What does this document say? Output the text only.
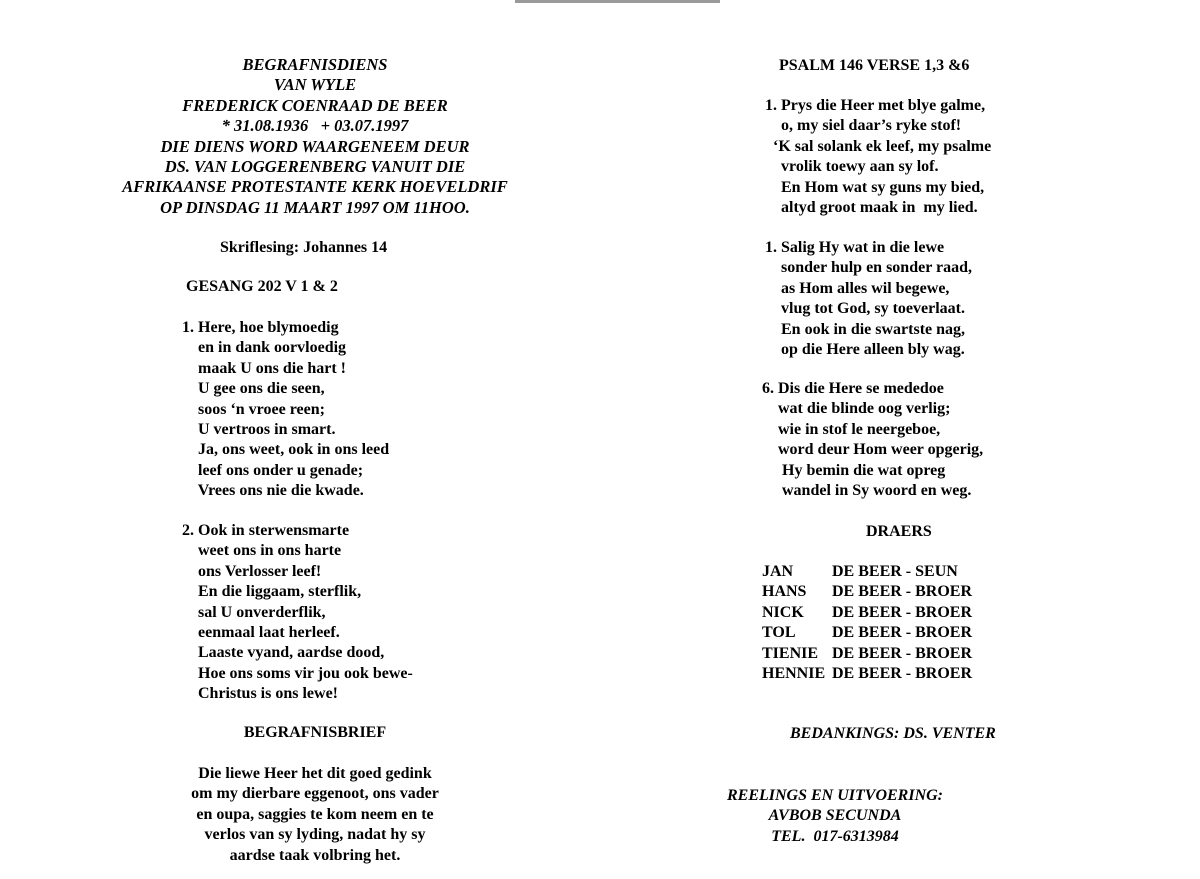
BEGRAFNISDIENS
VAN WYLE
FREDERICK COENRAAD DE BEER
* 31.08.1936   + 03.07.1997
DIE DIENS WORD WAARGENEEM DEUR
DS. VAN LOGGERENBERG VANUIT DIE
AFRIKAANSE PROTESTANTE KERK HOEVELDRIF
OP DINSDAG 11 MAART 1997 OM 11HOO.
Skriflesing: Johannes 14
GESANG 202 V 1 & 2
1. Here, hoe blymoedig
en in dank oorvloedig
maak U ons die hart !
U gee ons die seen,
soos ‘n vroee reen;
U vertroos in smart.
Ja, ons weet, ook in ons leed
leef ons onder u genade;
Vrees ons nie die kwade.
2. Ook in sterwensmarte
weet ons in ons harte
ons Verlosser leef!
En die liggaam, sterflik,
sal U onverderflik,
eenmaal laat herleef.
Laaste vyand, aardse dood,
Hoe ons soms vir jou ook bewe-
Christus is ons lewe!
BEGRAFNISBRIEF
Die liewe Heer het dit goed gedink
om my dierbare eggenoot, ons vader
en oupa, saggies te kom neem en te
verlos van sy lyding, nadat hy sy
aardse taak volbring het.
PSALM 146 VERSE 1,3 &6
1. Prys die Heer met blye galme,
o, my siel daar’s ryke stof!
‘K sal solank ek leef, my psalme
vrolik toewy aan sy lof.
En Hom wat sy guns my bied,
altyd groot maak in  my lied.
1. Salig Hy wat in die lewe
sonder hulp en sonder raad,
as Hom alles wil begewe,
vlug tot God, sy toeverlaat.
En ook in die swartste nag,
op die Here alleen bly wag.
6. Dis die Here se mededoe
wat die blinde oog verlig;
wie in stof le neergeboe,
word deur Hom weer opgerig,
Hy bemin die wat opreg
wandel in Sy woord en weg.
DRAERS
JAN	DE BEER - SEUN
HANS	DE BEER - BROER
NICK	DE BEER - BROER
TOL	DE BEER - BROER
TIENIE DE BEER - BROER
HENNIE DE BEER - BROER
BEDANKINGS: DS. VENTER
REELINGS EN UITVOERING:
AVBOB SECUNDA
TEL.  017-6313984
